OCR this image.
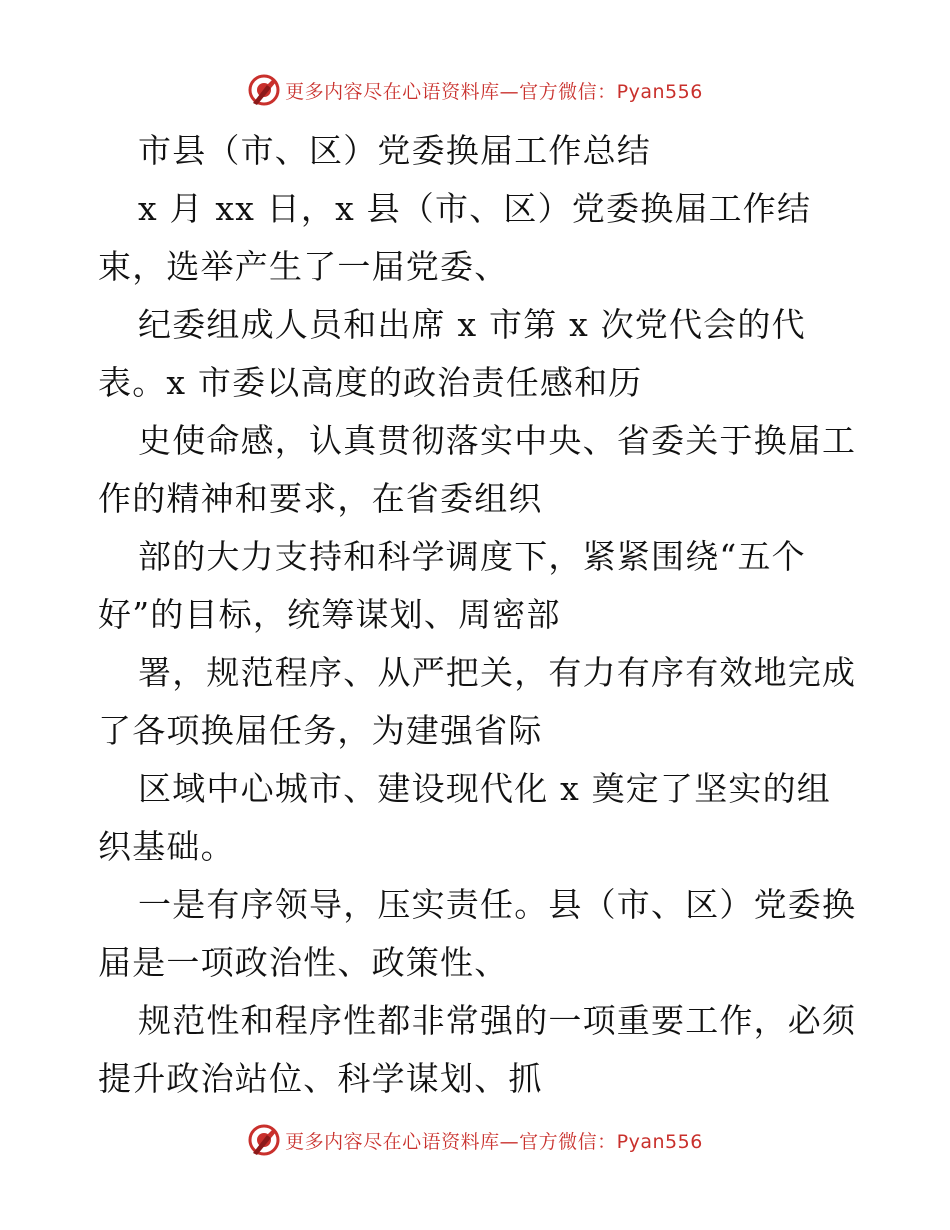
更多内容尽在心语资料库—官方微信：Pyan556
市县（市、区）党委换届工作总结
x 月 xx 日，x 县（市、区）党委换届工作结
束，选举产生了一届党委、
纪委组成人员和出席 x 市第 x 次党代会的代
表。x 市委以高度的政治责任感和历
史使命感，认真贯彻落实中央、省委关于换届工
作的精神和要求，在省委组织
部的大力支持和科学调度下，紧紧围绕“五个
好”的目标，统筹谋划、周密部
署，规范程序、从严把关，有力有序有效地完成
了各项换届任务，为建强省际
区域中心城市、建设现代化 x 奠定了坚实的组
织基础。
一是有序领导，压实责任。县（市、区）党委换
届是一项政治性、政策性、
规范性和程序性都非常强的一项重要工作，必须
提升政治站位、科学谋划、抓
更多内容尽在心语资料库—官方微信：Pyan556
